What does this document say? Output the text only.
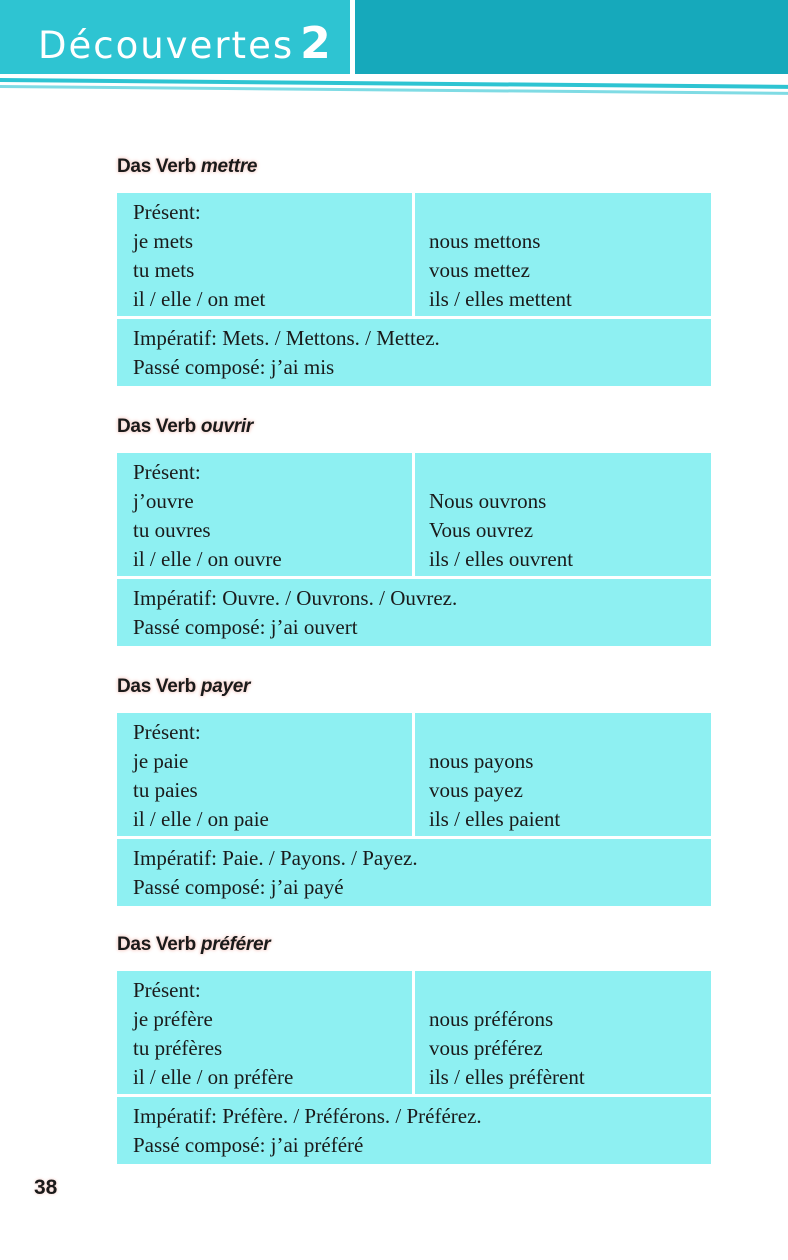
Découvertes 2
Das Verb mettre
Présent:
je mets
tu mets
il / elle / on met
nous mettons
vous mettez
ils / elles mettent
Impératif: Mets. / Mettons. / Mettez.
Passé composé: j’ai mis
Das Verb ouvrir
Présent:
j’ouvre
tu ouvres
il / elle / on ouvre
Nous ouvrons
Vous ouvrez
ils / elles ouvrent
Impératif: Ouvre. / Ouvrons. / Ouvrez.
Passé composé: j’ai ouvert
Das Verb payer
Présent:
je paie
tu paies
il / elle / on paie
nous payons
vous payez
ils / elles paient
Impératif: Paie. / Payons. / Payez.
Passé composé: j’ai payé
Das Verb préférer
Présent:
je préfère
tu préfères
il / elle / on préfère
nous préférons
vous préférez
ils / elles préfèrent
Impératif: Préfère. / Préférons. / Préférez.
Passé composé: j’ai préféré
38
